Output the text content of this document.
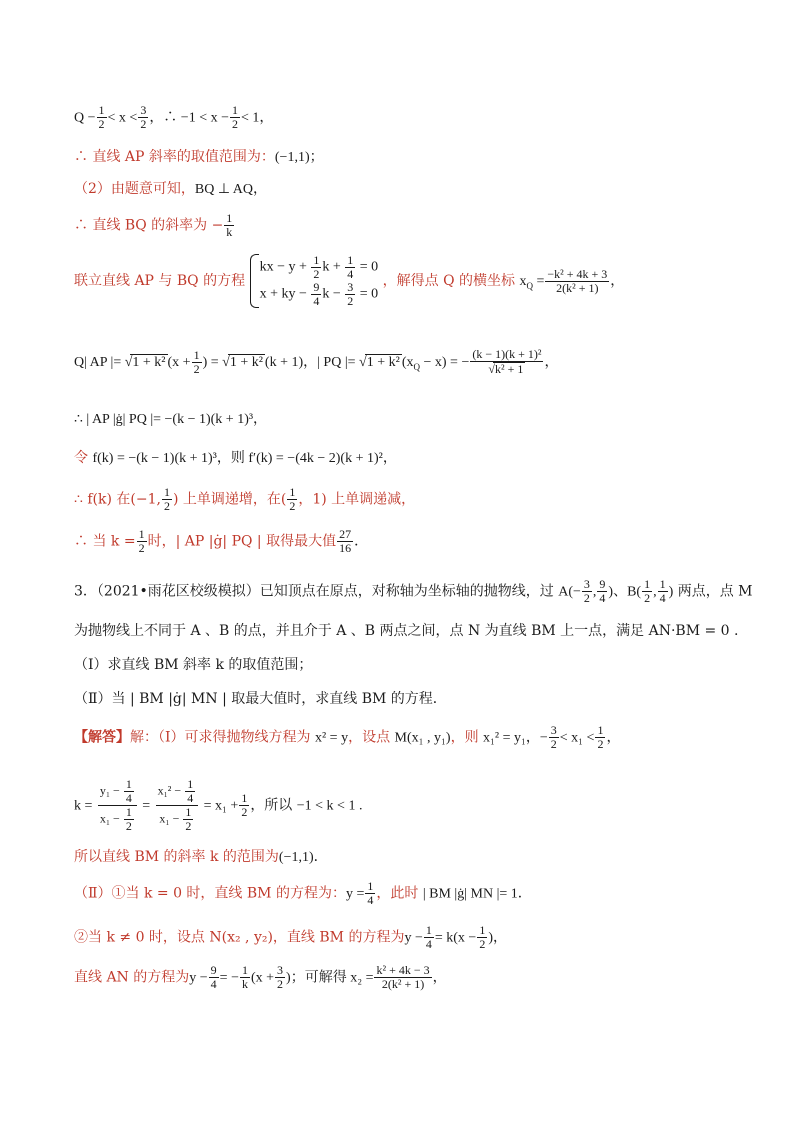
$Q - \frac{1}{2} < x < \frac{3}{2}$ ，∴ $-1 < x - \frac{1}{2} < 1$，
∴ 直线 AP 斜率的取值范围为：(−1,1)；
（2）由题意可知，BQ ⊥ AQ，
∴ 直线 BQ 的斜率为 − $\frac{1}{k}$
联立直线 AP 与 BQ 的方程
kx − $y + \frac{1}{2}$ $k + \frac{1}{4} = 0$
x + ky − $\frac{9}{4}$ $k - \frac{3}{2} = 0$
，解得点 Q 的横坐标 $x_Q = \frac{\text{−k² + 4k + 3}}{\text{2(k² + 1)}}$ ，
Q| AP |= √1 + k² ($x + \frac{1}{2}$ ) = √1 + k² (k + 1)，| PQ |= √1 + k² $(x_Q - x)$ = − $\frac{\text{(k − 1)(k + 1)²}}{\text{√k² + 1}}$ ，
∴ | AP |ġ| PQ |= −(k − 1)(k + 1)³，
令 f(k) = −(k − 1)(k + 1)³，则 f′(k) = −(4k − 2)(k + 1)²，
∴ f(k) 在(−1, $\frac{1}{2}$ ) 上单调递增，在( $\frac{1}{2}$ ，1) 上单调递减，
∴ 当 $k = \frac{1}{2}$ 时，| AP |ġ| PQ | 取得最大值 $\frac{27}{16}$ ．
3．（2021•雨花区校级模拟）已知顶点在原点，对称轴为坐标轴的抛物线，过 $A(- \frac{3}{2}$ , $\frac{9}{4}$ )、$B( \frac{1}{2}$ , $\frac{1}{4}$ ) 两点，点 M
为抛物线上不同于 A 、B 的点，并且介于 A 、B 两点之间，点 N 为直线 BM 上一点，满足 AN·BM = 0 .
（Ⅰ）求直线 BM 斜率 k 的取值范围；
（Ⅱ）当 | BM |ġ| MN | 取最大值时，求直线 BM 的方程．
【解答】解：（Ⅰ）可求得抛物线方程为 x² = y，设点 M(x₁ , y₁)，则 x₁² = y₁，− $\frac{3}{2} < x_1 < \frac{1}{2}$ ，
$k = \frac{y_1 - \frac{1}{4}}{x_1 - \frac{1}{2}} = \frac{x_1^2 - \frac{1}{4}}{x_1 - \frac{1}{2}} = x_1 + \frac{1}{2}$ ，所以 −1 < k < 1 .
所以直线 BM 的斜率 k 的范围为(−1,1)．
（Ⅱ）①当 k = 0 时，直线 BM 的方程为：$y = \frac{1}{4}$ ，此时 | BM |ġ| MN |= 1．
②当 k ≠ 0 时，设点 N(x₂ , y₂)，直线 BM 的方程为$y - \frac{1}{4} = k(x - \frac{1}{2}$ )，
直线 AN 的方程为$y - \frac{9}{4}$ = − $\frac{1}{k} (x + \frac{3}{2}$ )；可解得 $x_2 = \frac{\text{k² + 4k − 3}}{\text{2(k² + 1)}}$ ，
